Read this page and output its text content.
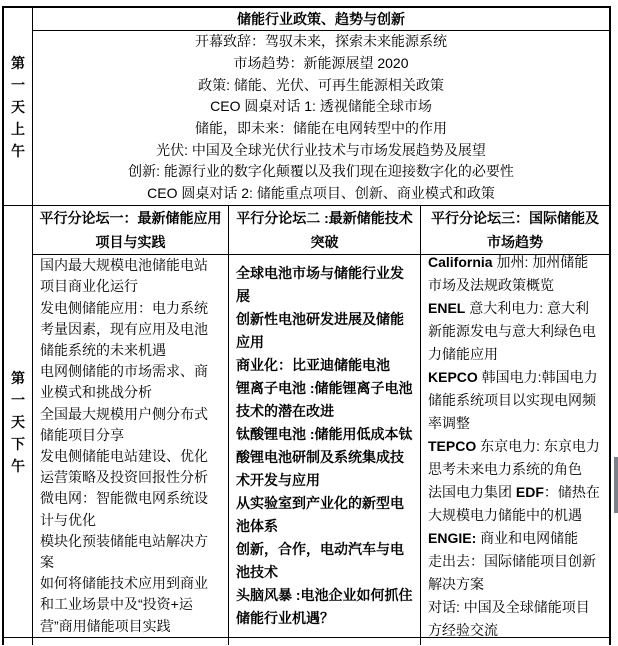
第一天上午
储能行业政策、趋势与创新
开幕致辞：驾驭未来，探索未来能源系统
市场趋势：新能源展望 2020
政策: 储能、光伏、可再生能源相关政策
CEO 圆桌对话 1: 透视储能全球市场
储能，即未来：储能在电网转型中的作用
光伏: 中国及全球光伏行业技术与市场发展趋势及展望
创新: 能源行业的数字化颠覆以及我们现在迎接数字化的必要性
CEO 圆桌对话 2: 储能重点项目、创新、商业模式和政策
第一天下午
平行分论坛一：最新储能应用项目与实践
国内最大规模电池储能电站项目商业化运行
发电侧储能应用：电力系统考量因素，现有应用及电池储能系统的未来机遇
电网侧储能的市场需求、商业模式和挑战分析
全国最大规模用户侧分布式储能项目分享
发电侧储能电站建设、优化运营策略及投资回报性分析
微电网：智能微电网系统设计与优化
模块化预装储能电站解决方案
如何将储能技术应用到商业和工业场景中及“投资+运营”商用储能项目实践
平行分论坛二 :最新储能技术突破
全球电池市场与储能行业发展
创新性电池研发进展及储能应用
商业化：比亚迪储能电池
锂离子电池 :储能锂离子电池技术的潜在改进
钛酸锂电池 :储能用低成本钛酸锂电池研制及系统集成技术开发与应用
从实验室到产业化的新型电池体系
创新，合作，电动汽车与电池技术
头脑风暴 :电池企业如何抓住储能行业机遇？
平行分论坛三：国际储能及市场趋势
California 加州: 加州储能市场及法规政策概览
ENEL 意大利电力: 意大利新能源发电与意大利绿色电力储能应用
KEPCO 韩国电力:韩国电力储能系统项目以实现电网频率调整
TEPCO 东京电力: 东京电力思考未来电力系统的角色
法国电力集团 EDF：储热在大规模电力储能中的机遇
ENGIE: 商业和电网储能
走出去：国际储能项目创新解决方案
对话: 中国及全球储能项目方经验交流
